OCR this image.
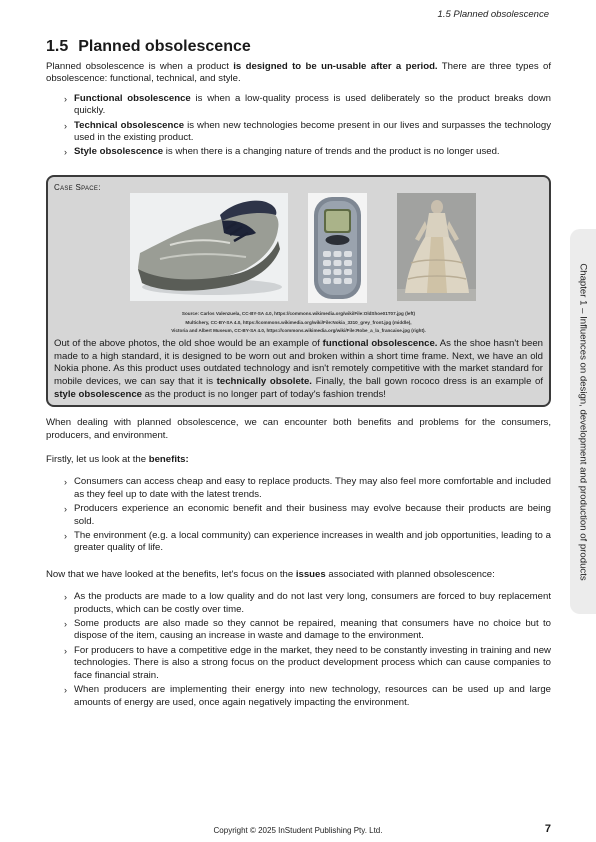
1.5 Planned obsolescence
Chapter 1 – Influences on design, development and production of products
1.5 Planned obsolescence

Planned obsolescence is when a product is designed to be un-usable after a period. There are three types of obsolescence: functional, technical, and style.

› Functional obsolescence is when a low-quality process is used deliberately so the product breaks down quickly.
› Technical obsolescence is when new technologies become present in our lives and surpasses the technology used in the existing product.
› Style obsolescence is when there is a changing nature of trends and the product is no longer used.
Case Space:
Source: Carlos Valenzuela, CC-BY-SA 4.0, https://commons.wikimedia.org/wiki/File:OldShoe01T07.jpg (left)
Multichery, CC-BY-SA 4.0, https://commons.wikimedia.org/wiki/File:Nokia_3310_grey_front.jpg (middle),
Victoria and Albert Museum, CC-BY-SA 4.0, https://commons.wikimedia.org/wiki/File:Robe_a_la_francaise.jpg (right).
Out of the above photos, the old shoe would be an example of functional obsolescence. As the shoe hasn't been made to a high standard, it is designed to be worn out and broken within a short time frame. Next, we have an old Nokia phone. As this product uses outdated technology and isn't remotely competitive with the market standard for mobile devices, we can say that it is technically obsolete. Finally, the ball gown rococo dress is an example of style obsolescence as the product is no longer part of today's fashion trends!

When dealing with planned obsolescence, we can encounter both benefits and problems for the consumers, producers, and environment.

Firstly, let us look at the benefits:

› Consumers can access cheap and easy to replace products. They may also feel more comfortable and included as they feel up to date with the latest trends.
› Producers experience an economic benefit and their business may evolve because their products are being sold.
› The environment (e.g. a local community) can experience increases in wealth and job opportunities, leading to a greater quality of life.

Now that we have looked at the benefits, let's focus on the issues associated with planned obsolescence:

› As the products are made to a low quality and do not last very long, consumers are forced to buy replacement products, which can be costly over time.
› Some products are also made so they cannot be repaired, meaning that consumers have no choice but to dispose of the item, causing an increase in waste and damage to the environment.
› For producers to have a competitive edge in the market, they need to be constantly investing in training and new technologies. There is also a strong focus on the product development process which can cause companies to face financial strain.
› When producers are implementing their energy into new technology, resources can be used up and large amounts of energy are used, once again negatively impacting the environment.
Copyright © 2025 InStudent Publishing Pty. Ltd.	7
